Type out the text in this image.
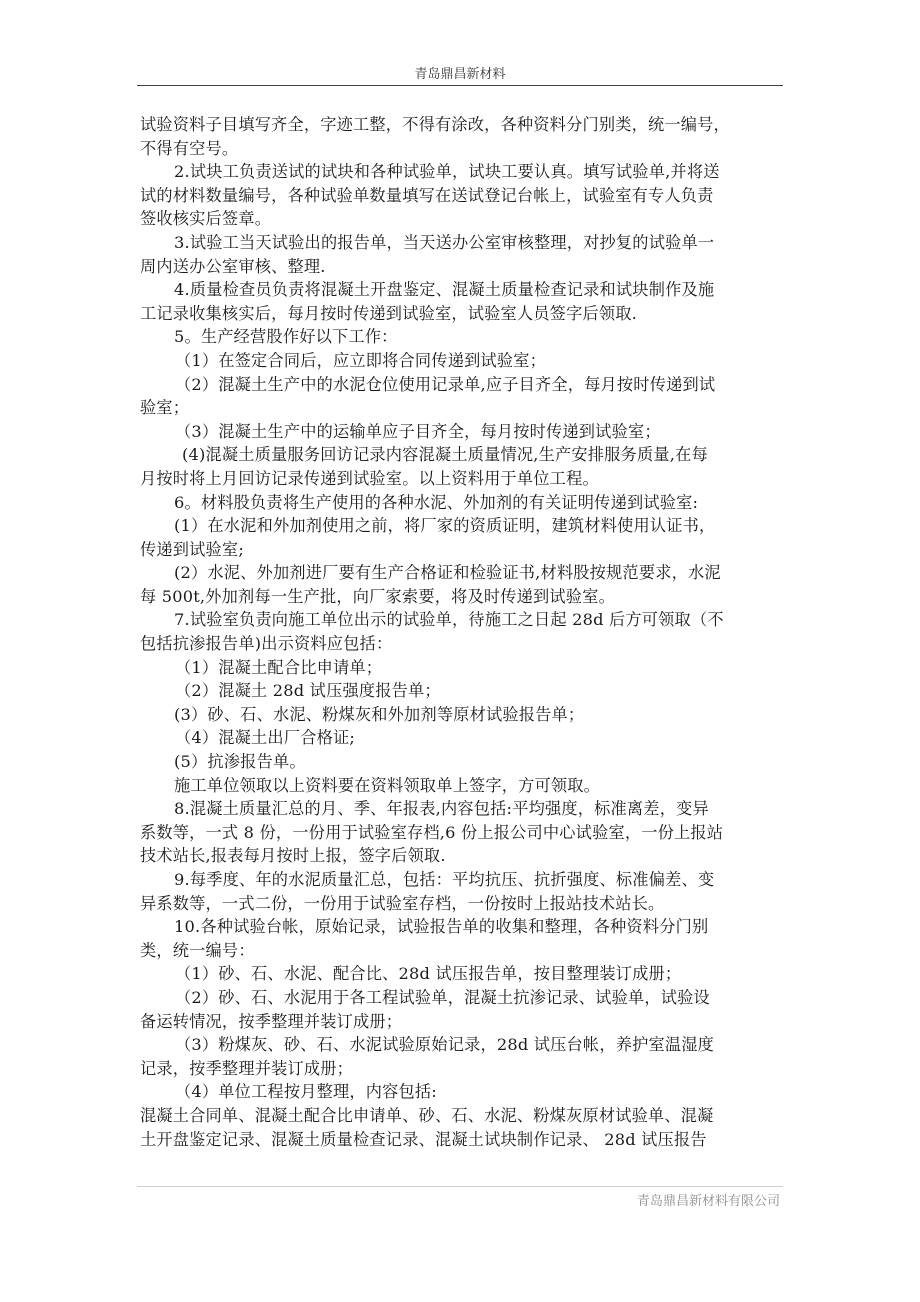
青岛鼎昌新材料
试验资料子目填写齐全，字迹工整，不得有涂改，各种资料分门别类，统一编号，
不得有空号。
2.试块工负责送试的试块和各种试验单，试块工要认真。填写试验单,并将送
试的材料数量编号，各种试验单数量填写在送试登记台帐上，试验室有专人负责
签收核实后签章。
3.试验工当天试验出的报告单，当天送办公室审核整理，对抄复的试验单一
周内送办公室审核、整理.
4.质量检查员负责将混凝土开盘鉴定、混凝土质量检查记录和试块制作及施
工记录收集核实后，每月按时传递到试验室，试验室人员签字后领取.
5。生产经营股作好以下工作：
（1）在签定合同后，应立即将合同传递到试验室；
（2）混凝土生产中的水泥仓位使用记录单,应子目齐全，每月按时传递到试
验室；
（3）混凝土生产中的运输单应子目齐全，每月按时传递到试验室；
(4)混凝土质量服务回访记录内容混凝土质量情况,生产安排服务质量,在每
月按时将上月回访记录传递到试验室。以上资料用于单位工程。
6。材料股负责将生产使用的各种水泥、外加剂的有关证明传递到试验室:
(1）在水泥和外加剂使用之前，将厂家的资质证明，建筑材料使用认证书，
传递到试验室;
(2）水泥、外加剂进厂要有生产合格证和检验证书,材料股按规范要求，水泥
每 500t,外加剂每一生产批，向厂家索要，将及时传递到试验室。
7.试验室负责向施工单位出示的试验单，待施工之日起 28d 后方可领取（不
包括抗渗报告单)出示资料应包括：
（1）混凝土配合比申请单；
（2）混凝土 28d 试压强度报告单；
(3）砂、石、水泥、粉煤灰和外加剂等原材试验报告单；
（4）混凝土出厂合格证;
(5）抗渗报告单。
施工单位领取以上资料要在资料领取单上签字，方可领取。
8.混凝土质量汇总的月、季、年报表,内容包括:平均强度，标准离差，变异
系数等，一式 8 份，一份用于试验室存档,6 份上报公司中心试验室，一份上报站
技术站长,报表每月按时上报，签字后领取.
9.每季度、年的水泥质量汇总，包括：平均抗压、抗折强度、标准偏差、变
异系数等，一式二份，一份用于试验室存档，一份按时上报站技术站长。
10.各种试验台帐，原始记录，试验报告单的收集和整理，各种资料分门别
类，统一编号：
（1）砂、石、水泥、配合比、28d 试压报告单，按目整理装订成册；
（2）砂、石、水泥用于各工程试验单，混凝土抗渗记录、试验单，试验设
备运转情况，按季整理并装订成册；
（3）粉煤灰、砂、石、水泥试验原始记录，28d 试压台帐，养护室温湿度
记录，按季整理并装订成册；
（4）单位工程按月整理，内容包括:
混凝土合同单、混凝土配合比申请单、砂、石、水泥、粉煤灰原材试验单、混凝
土开盘鉴定记录、混凝土质量检查记录、混凝土试块制作记录、 28d 试压报告
青岛鼎昌新材料有限公司
